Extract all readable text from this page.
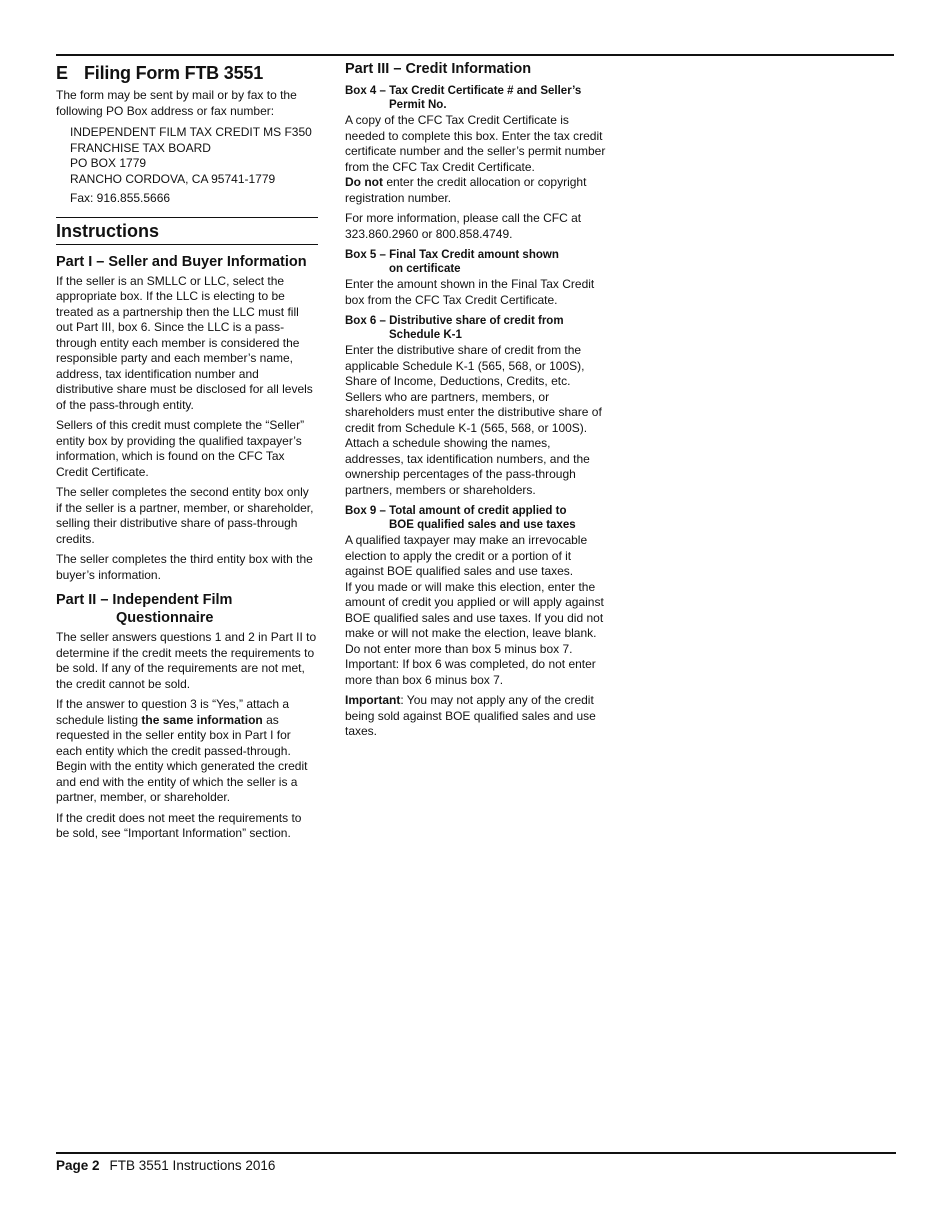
E Filing Form FTB 3551

The form may be sent by mail or by fax to the following PO Box address or fax number:

INDEPENDENT FILM TAX CREDIT MS F350
FRANCHISE TAX BOARD
PO BOX 1779
RANCHO CORDOVA, CA 95741-1779
Fax: 916.855.5666
Instructions
Part I – Seller and Buyer Information

If the seller is an SMLLC or LLC, select the appropriate box. If the LLC is electing to be treated as a partnership then the LLC must fill out Part III, box 6. Since the LLC is a pass-through entity each member is considered the responsible party and each member’s name, address, tax identification number and distributive share must be disclosed for all levels of the pass-through entity.

Sellers of this credit must complete the “Seller” entity box by providing the qualified taxpayer’s information, which is found on the CFC Tax Credit Certificate.

The seller completes the second entity box only if the seller is a partner, member, or shareholder, selling their distributive share of pass-through credits.

The seller completes the third entity box with the buyer’s information.

Part II – Independent Film
Questionnaire

The seller answers questions 1 and 2 in Part II to determine if the credit meets the requirements to be sold. If any of the requirements are not met, the credit cannot be sold.

If the answer to question 3 is “Yes,” attach a schedule listing the same information as requested in the seller entity box in Part I for each entity which the credit passed-through. Begin with the entity which generated the credit and end with the entity of which the seller is a partner, member, or shareholder.

If the credit does not meet the requirements to be sold, see “Important Information” section.

Part III – Credit Information
Box 4 – Tax Credit Certificate # and Seller’s
Permit No.

A copy of the CFC Tax Credit Certificate is needed to complete this box. Enter the tax credit certificate number and the seller’s permit number from the CFC Tax Credit Certificate.
Do not enter the credit allocation or copyright registration number.

For more information, please call the CFC at 323.860.2960 or 800.858.4749.

Box 5 – Final Tax Credit amount shown
on certificate

Enter the amount shown in the Final Tax Credit box from the CFC Tax Credit Certificate.

Box 6 – Distributive share of credit from
Schedule K-1

Enter the distributive share of credit from the applicable Schedule K-1 (565, 568, or 100S), Share of Income, Deductions, Credits, etc. Sellers who are partners, members, or shareholders must enter the distributive share of credit from Schedule K-1 (565, 568, or 100S). Attach a schedule showing the names, addresses, tax identification numbers, and the ownership percentages of the pass-through partners, members or shareholders.

Box 9 – Total amount of credit applied to
BOE qualified sales and use taxes

A qualified taxpayer may make an irrevocable election to apply the credit or a portion of it against BOE qualified sales and use taxes.
If you made or will make this election, enter the amount of credit you applied or will apply against BOE qualified sales and use taxes. If you did not make or will not make the election, leave blank.
Do not enter more than box 5 minus box 7.
Important: If box 6 was completed, do not enter more than box 6 minus box 7.

Important: You may not apply any of the credit being sold against BOE qualified sales and use taxes.

Page 2 FTB 3551 Instructions 2016
